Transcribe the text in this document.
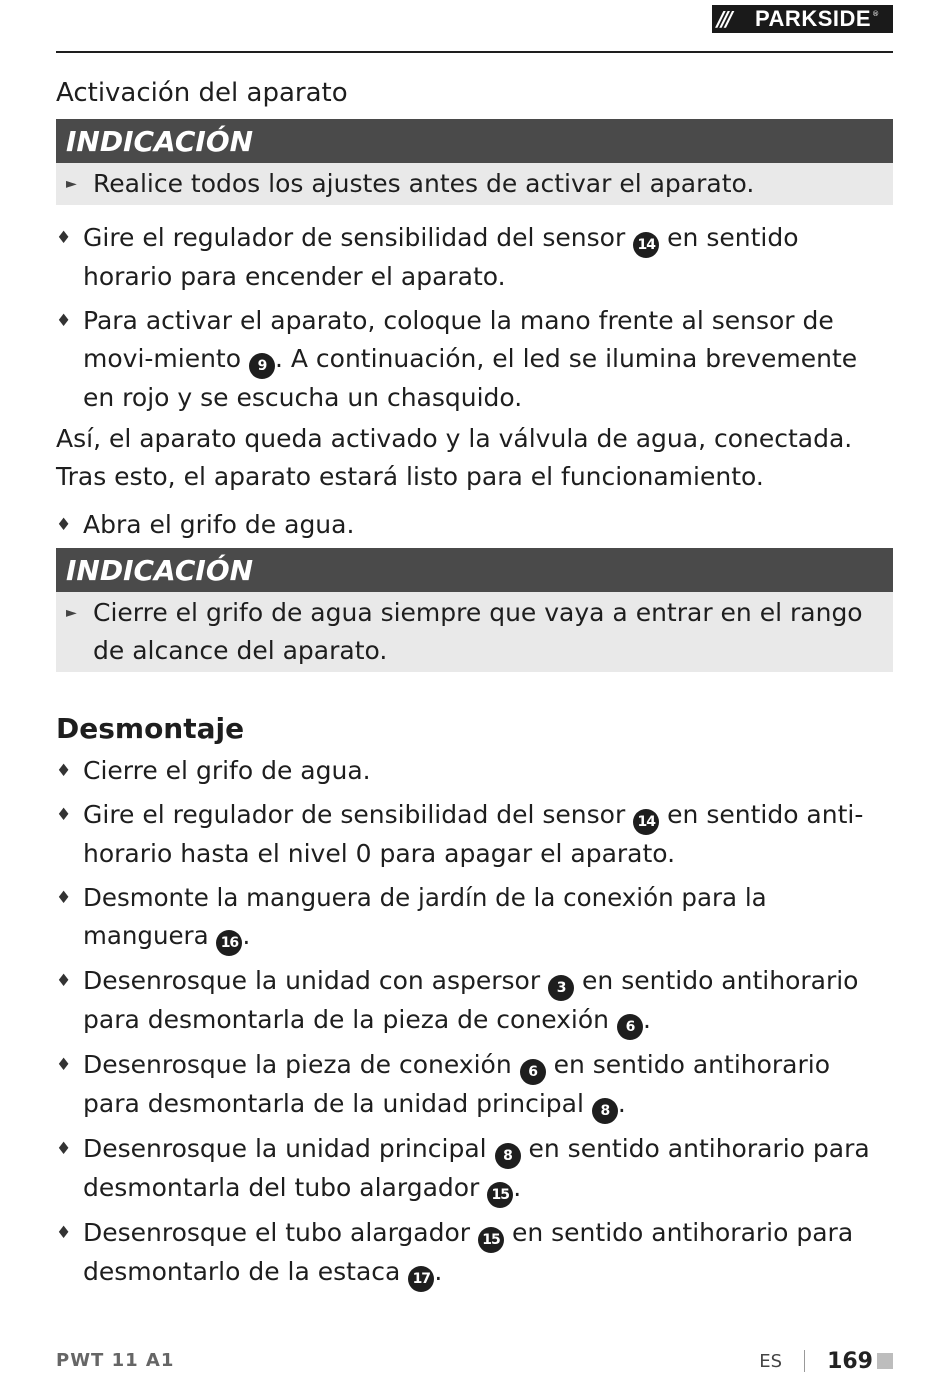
///	PARKSIDE ®
Activación del aparato
INDICACIÓN
► Realice todos los ajustes antes de activar el aparato.
♦ Gire el regulador de sensibilidad del sensor 14 en sentido horario para encender el aparato.
♦ Para activar el aparato, coloque la mano frente al sensor de movi-miento 9 . A continuación, el led se ilumina brevemente en rojo y se escucha un chasquido.

Así, el aparato queda activado y la válvula de agua, conectada. Tras esto, el aparato estará listo para el funcionamiento.

♦ Abra el grifo de agua.
INDICACIÓN
► Cierre el grifo de agua siempre que vaya a entrar en el rango de alcance del aparato.
Desmontaje
♦ Cierre el grifo de agua.
♦ Gire el regulador de sensibilidad del sensor 14 en sentido anti-horario hasta el nivel 0 para apagar el aparato.
♦ Desmonte la manguera de jardín de la conexión para la manguera 16 .
♦ Desenrosque la unidad con aspersor 3 en sentido antihorario para desmontarla de la pieza de conexión 6 .
♦ Desenrosque la pieza de conexión 6 en sentido antihorario para desmontarla de la unidad principal 8 .
♦ Desenrosque la unidad principal 8 en sentido antihorario para desmontarla del tubo alargador 15 .
♦ Desenrosque el tubo alargador 15 en sentido antihorario para desmontarlo de la estaca 17 .
PWT 11 A1	ES 169
